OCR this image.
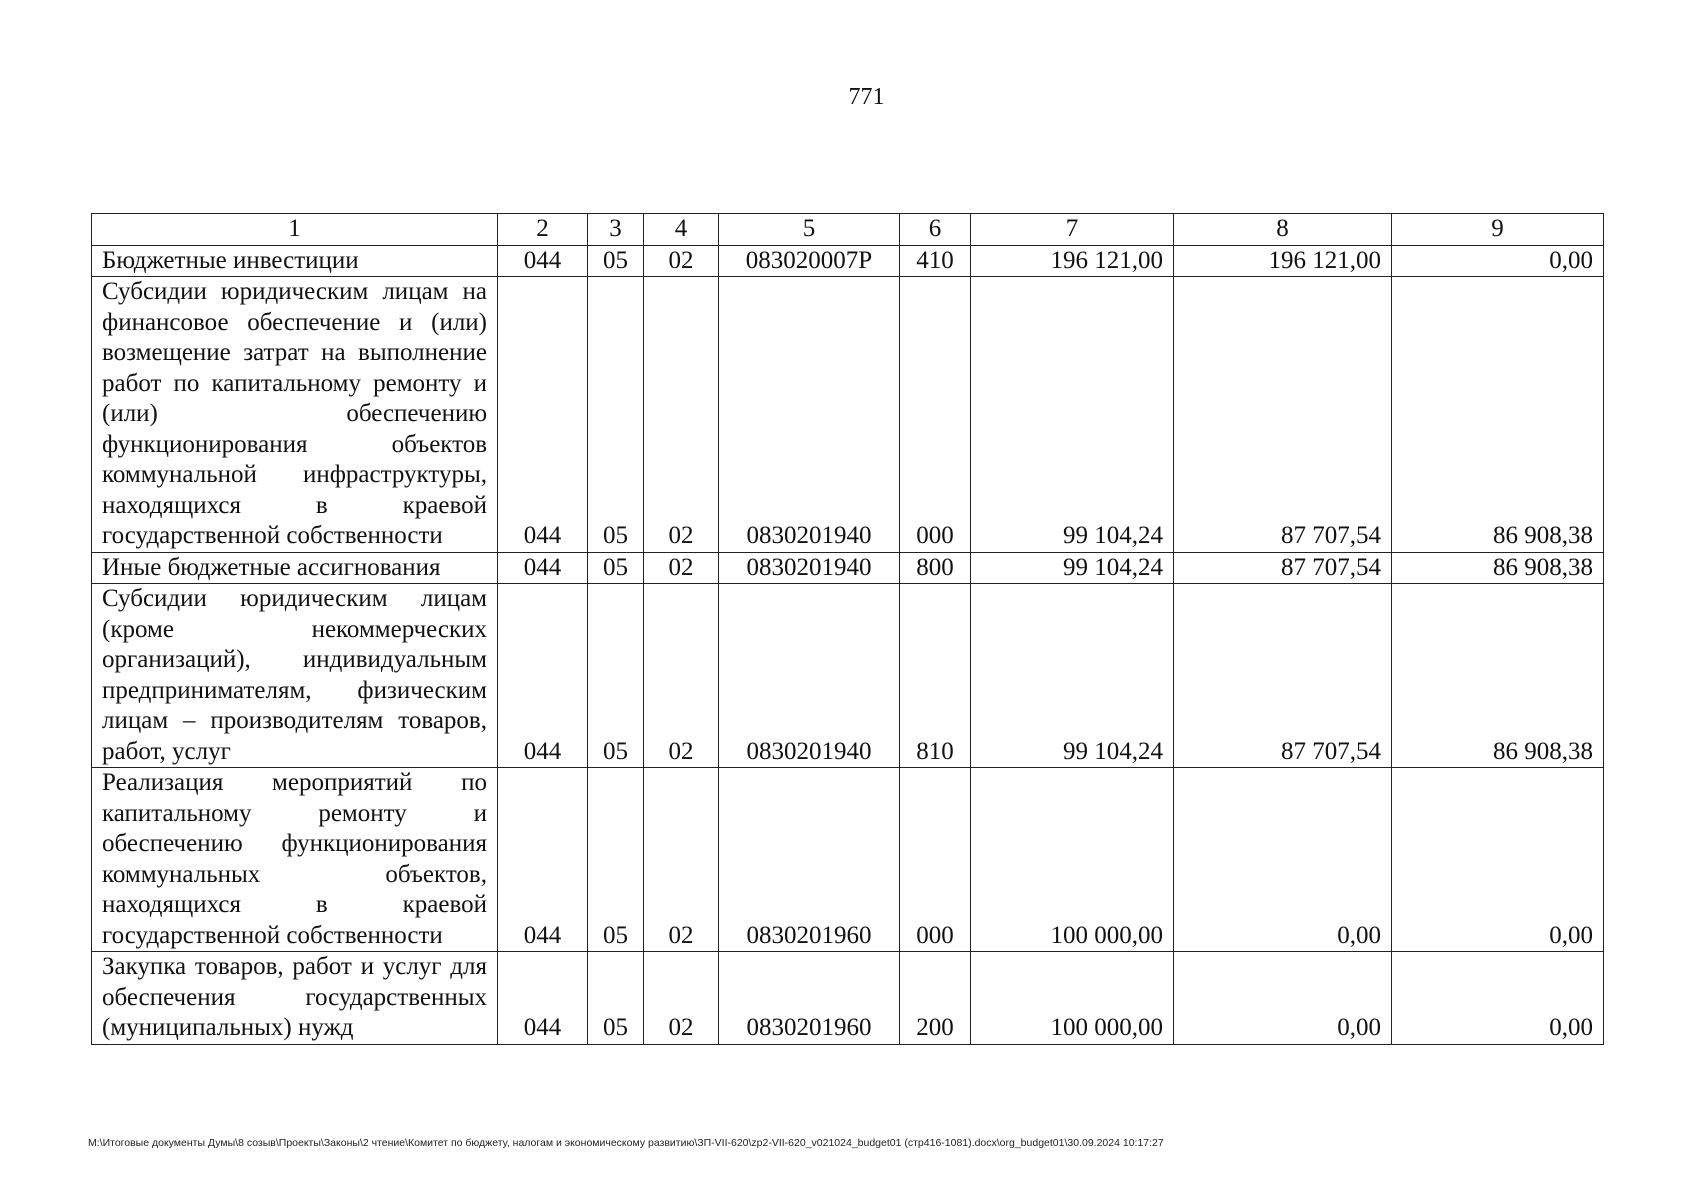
771
1	2	3	4	5	6	7	8	9
Бюджетные инвестиции	044	05	02	083020007Р	410	196 121,00	196 121,00	0,00
Субсидии юридическим лицам на финансовое обеспечение и (или) возмещение затрат на выполнение работ по капитальному ремонту и (или) обеспечению функционирования объектов коммунальной инфраструктуры, находящихся в краевой государственной собственности	044	05	02	0830201940	000	99 104,24	87 707,54	86 908,38
Иные бюджетные ассигнования	044	05	02	0830201940	800	99 104,24	87 707,54	86 908,38
Субсидии юридическим лицам (кроме некоммерческих организаций), индивидуальным предпринимателям, физическим лицам – производителям товаров, работ, услуг	044	05	02	0830201940	810	99 104,24	87 707,54	86 908,38
Реализация мероприятий по капитальному ремонту и обеспечению функционирования коммунальных объектов, находящихся в краевой государственной собственности	044	05	02	0830201960	000	100 000,00	0,00	0,00
Закупка товаров, работ и услуг для обеспечения государственных (муниципальных) нужд	044	05	02	0830201960	200	100 000,00	0,00	0,00
M:\Итоговые документы Думы\8 созыв\Проекты\Законы\2 чтение\Комитет по бюджету, налогам и экономическому развитию\ЗП-VII-620\zp2-VII-620_v021024_budget01 (стр416-1081).docx\org_budget01\30.09.2024 10:17:27
